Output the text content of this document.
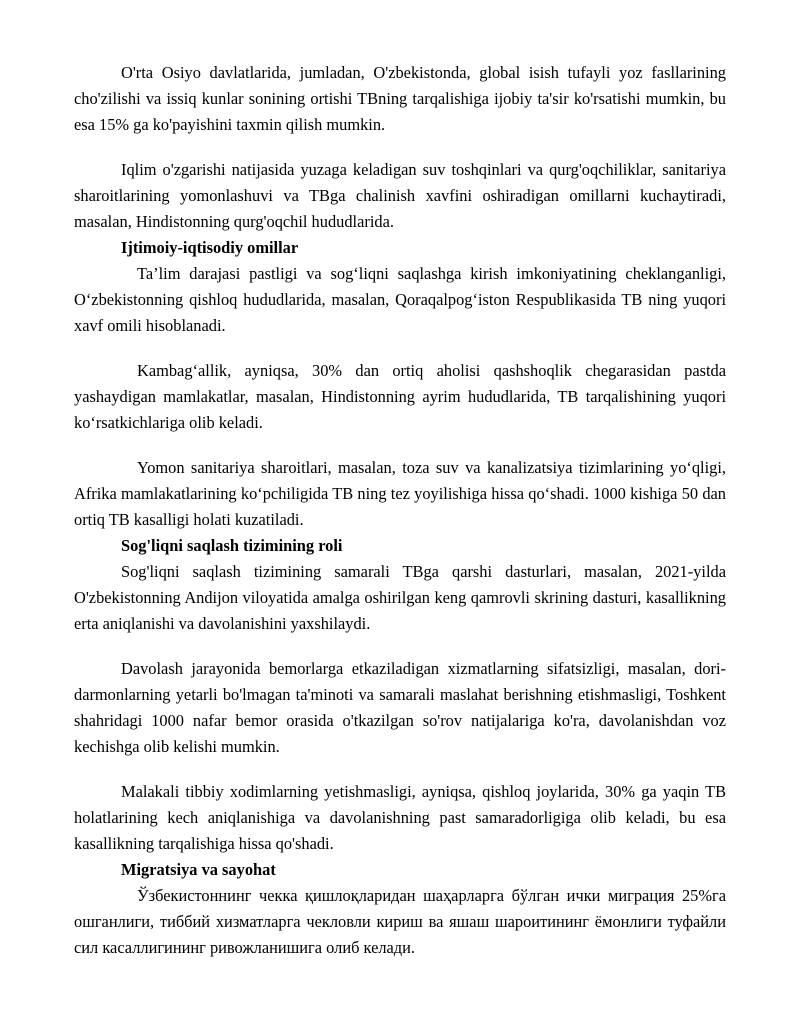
O'rta Osiyo davlatlarida, jumladan, O'zbekistonda, global isish tufayli yoz fasllarining cho'zilishi va issiq kunlar sonining ortishi TBning tarqalishiga ijobiy ta'sir ko'rsatishi mumkin, bu esa 15% ga ko'payishini taxmin qilish mumkin.

Iqlim o'zgarishi natijasida yuzaga keladigan suv toshqinlari va qurg'oqchiliklar, sanitariya sharoitlarining yomonlashuvi va TBga chalinish xavfini oshiradigan omillarni kuchaytiradi, masalan, Hindistonning qurg'oqchil hududlarida.

Ijtimoiy-iqtisodiy omillar

Ta’lim darajasi pastligi va sog‘liqni saqlashga kirish imkoniyatining cheklanganligi, O‘zbekistonning qishloq hududlarida, masalan, Qoraqalpog‘iston Respublikasida TB ning yuqori xavf omili hisoblanadi.

Kambag‘allik, ayniqsa, 30% dan ortiq aholisi qashshoqlik chegarasidan pastda yashaydigan mamlakatlar, masalan, Hindistonning ayrim hududlarida, TB tarqalishining yuqori ko‘rsatkichlariga olib keladi.

Yomon sanitariya sharoitlari, masalan, toza suv va kanalizatsiya tizimlarining yo‘qligi, Afrika mamlakatlarining ko‘pchiligida TB ning tez yoyilishiga hissa qo‘shadi. 1000 kishiga 50 dan ortiq TB kasalligi holati kuzatiladi.

Sog'liqni saqlash tizimining roli

Sog'liqni saqlash tizimining samarali TBga qarshi dasturlari, masalan, 2021-yilda O'zbekistonning Andijon viloyatida amalga oshirilgan keng qamrovli skrining dasturi, kasallikning erta aniqlanishi va davolanishini yaxshilaydi.

Davolash jarayonida bemorlarga etkaziladigan xizmatlarning sifatsizligi, masalan, dori-darmonlarning yetarli bo'lmagan ta'minoti va samarali maslahat berishning etishmasligi, Toshkent shahridagi 1000 nafar bemor orasida o'tkazilgan so'rov natijalariga ko'ra, davolanishdan voz kechishga olib kelishi mumkin.

Malakali tibbiy xodimlarning yetishmasligi, ayniqsa, qishloq joylarida, 30% ga yaqin TB holatlarining kech aniqlanishiga va davolanishning past samaradorligiga olib keladi, bu esa kasallikning tarqalishiga hissa qo'shadi.

Migratsiya va sayohat

Ўзбекистоннинг чекка қишлоқларидан шаҳарларга бўлган ички миграция 25%га ошганлиги, тиббий хизматларга чекловли кириш ва яшаш шароитининг ёмонлиги туфайли сил касаллигининг ривожланишига олиб келади.
